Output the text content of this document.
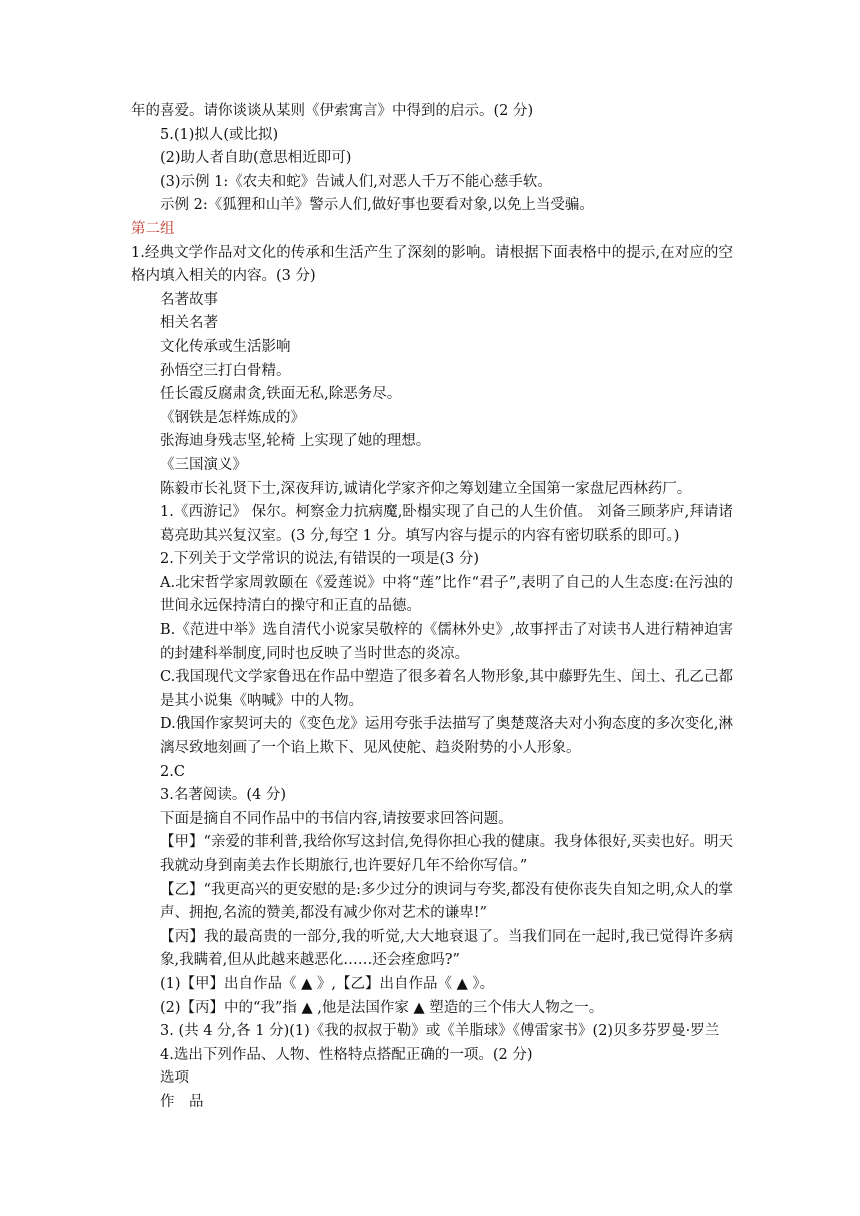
年的喜爱。请你谈谈从某则《伊索寓言》中得到的启示。(2 分)
5.(1)拟人(或比拟)
(2)助人者自助(意思相近即可)
(3)示例 1:《农夫和蛇》告诫人们,对恶人千万不能心慈手软。
示例 2:《狐狸和山羊》警示人们,做好事也要看对象,以免上当受骗。
第二组
1.经典文学作品对文化的传承和生活产生了深刻的影响。请根据下面表格中的提示,在对应的空格内填入相关的内容。(3 分)
名著故事
相关名著
文化传承或生活影响
孙悟空三打白骨精。
任长霞反腐肃贪,铁面无私,除恶务尽。
《钢铁是怎样炼成的》
张海迪身残志坚,轮椅 上实现了她的理想。
《三国演义》
陈毅市长礼贤下士,深夜拜访,诚请化学家齐仰之筹划建立全国第一家盘尼西林药厂。
1.《西游记》 保尔。柯察金力抗病魔,卧榻实现了自己的人生价值。 刘备三顾茅庐,拜请诸葛亮助其兴复汉室。(3 分,每空 1 分。填写内容与提示的内容有密切联系的即可。)
2.下列关于文学常识的说法,有错误的一项是(3 分)
A.北宋哲学家周敦颐在《爱莲说》中将“莲”比作“君子”,表明了自己的人生态度:在污浊的世间永远保持清白的操守和正直的品德。
B.《范进中举》选自清代小说家吴敬梓的《儒林外史》,故事抨击了对读书人进行精神迫害的封建科举制度,同时也反映了当时世态的炎凉。
C.我国现代文学家鲁迅在作品中塑造了很多着名人物形象,其中藤野先生、闰土、孔乙己都是其小说集《呐喊》中的人物。
D.俄国作家契诃夫的《变色龙》运用夸张手法描写了奥楚蔑洛夫对小狗态度的多次变化,淋漓尽致地刻画了一个谄上欺下、见风使舵、趋炎附势的小人形象。
2.C
3.名著阅读。(4 分)
下面是摘自不同作品中的书信内容,请按要求回答问题。
【甲】“亲爱的菲利普,我给你写这封信,免得你担心我的健康。我身体很好,买卖也好。明天我就动身到南美去作长期旅行,也许要好几年不给你写信。”
【乙】“我更高兴的更安慰的是:多少过分的谀词与夸奖,都没有使你丧失自知之明,众人的掌声、拥抱,名流的赞美,都没有减少你对艺术的谦卑!”
【丙】我的最高贵的一部分,我的听觉,大大地衰退了。当我们同在一起时,我已觉得许多病象,我瞒着,但从此越来越恶化……还会痊愈吗?”
(1)【甲】出自作品《 ▲ 》,【乙】出自作品《 ▲ 》。
(2)【丙】中的“我”指 ▲ ,他是法国作家 ▲ 塑造的三个伟大人物之一。
3. (共 4 分,各 1 分)(1)《我的叔叔于勒》或《羊脂球》《傅雷家书》(2)贝多芬罗曼·罗兰
4.选出下列作品、人物、性格特点搭配正确的一项。(2 分)
选项
作　品
